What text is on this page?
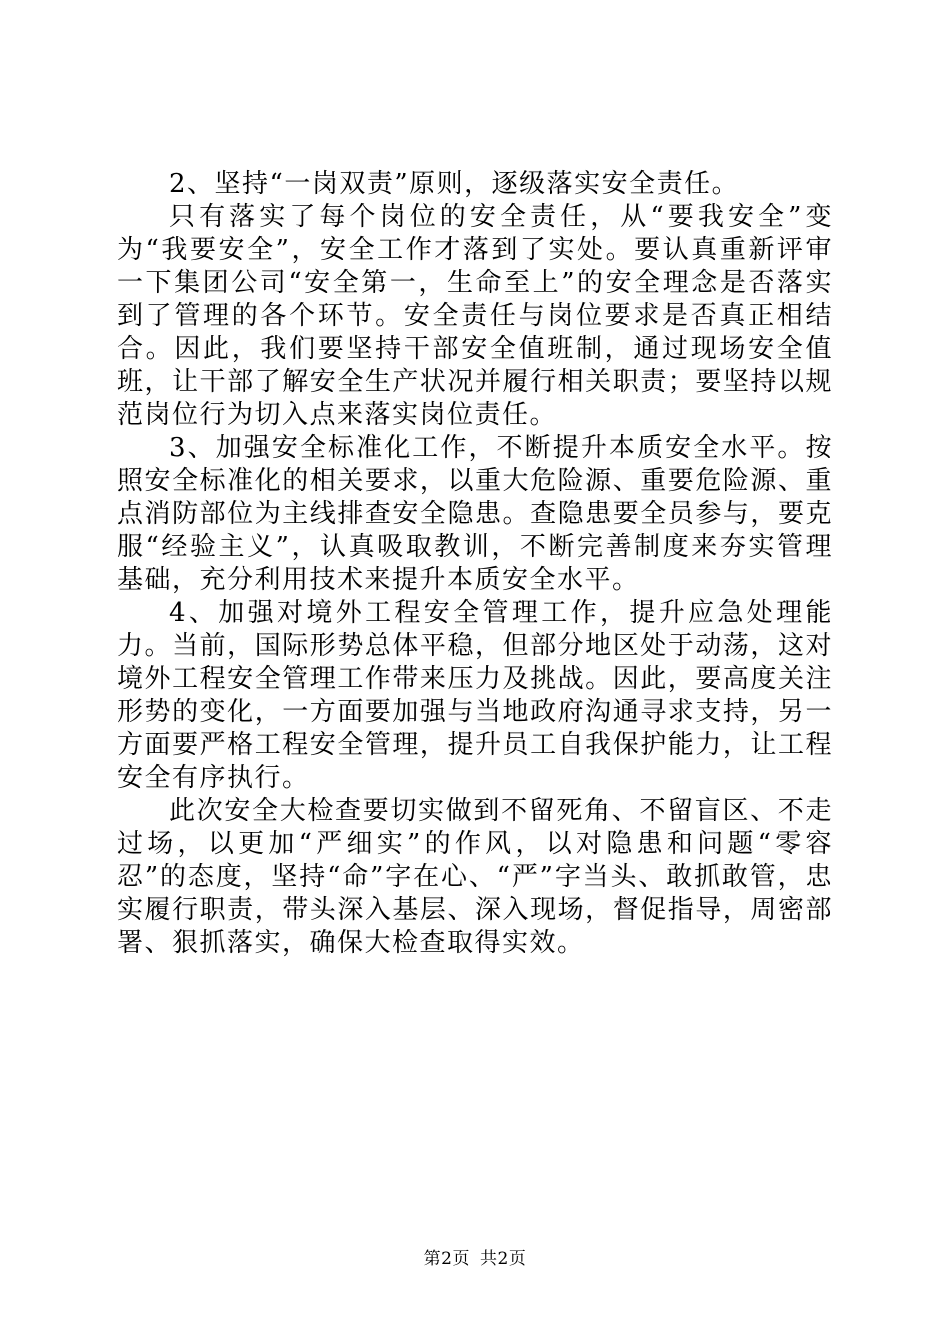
2、坚持“一岗双责”原则，逐级落实安全责任。

只有落实了每个岗位的安全责任，从“要我安全”变为“我要安全”，安全工作才落到了实处。要认真重新评审一下集团公司“安全第一，生命至上”的安全理念是否落实到了管理的各个环节。安全责任与岗位要求是否真正相结合。因此，我们要坚持干部安全值班制，通过现场安全值班，让干部了解安全生产状况并履行相关职责；要坚持以规范岗位行为切入点来落实岗位责任。

3、加强安全标准化工作，不断提升本质安全水平。按照安全标准化的相关要求，以重大危险源、重要危险源、重点消防部位为主线排查安全隐患。查隐患要全员参与，要克服“经验主义”，认真吸取教训，不断完善制度来夯实管理基础，充分利用技术来提升本质安全水平。

4、加强对境外工程安全管理工作，提升应急处理能力。当前，国际形势总体平稳，但部分地区处于动荡，这对境外工程安全管理工作带来压力及挑战。因此，要高度关注形势的变化，一方面要加强与当地政府沟通寻求支持，另一方面要严格工程安全管理，提升员工自我保护能力，让工程安全有序执行。

此次安全大检查要切实做到不留死角、不留盲区、不走过场，以更加“严细实”的作风，以对隐患和问题“零容忍”的态度，坚持“命”字在心、“严”字当头、敢抓敢管，忠实履行职责，带头深入基层、深入现场，督促指导，周密部署、狠抓落实，确保大检查取得实效。

第2页 共2页
